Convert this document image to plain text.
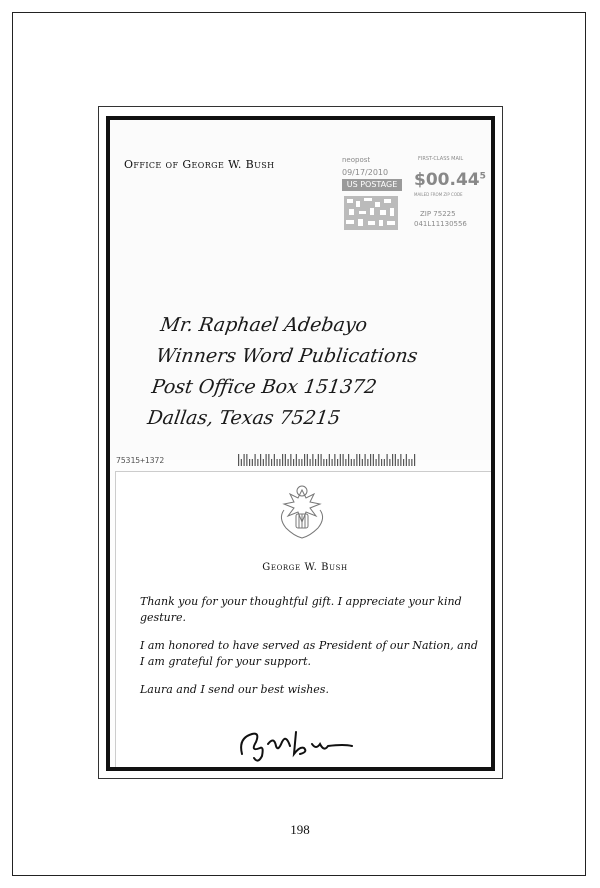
Office of George W. Bush	neopost	FIRST-CLASS MAIL
09/17/2010
US POSTAGE $00.44$^5$
MAILED FROM ZIP CODE
ZIP 75225
041L11130556
Mr. Raphael Adebayo
Winners Word Publications
Post Office Box 151372
Dallas, Texas 75215
75315+1372
George W. Bush

Thank you for your thoughtful gift. I appreciate your kind gesture.

I am honored to have served as President of our Nation, and I am grateful for your support.

Laura and I send our best wishes.

198
